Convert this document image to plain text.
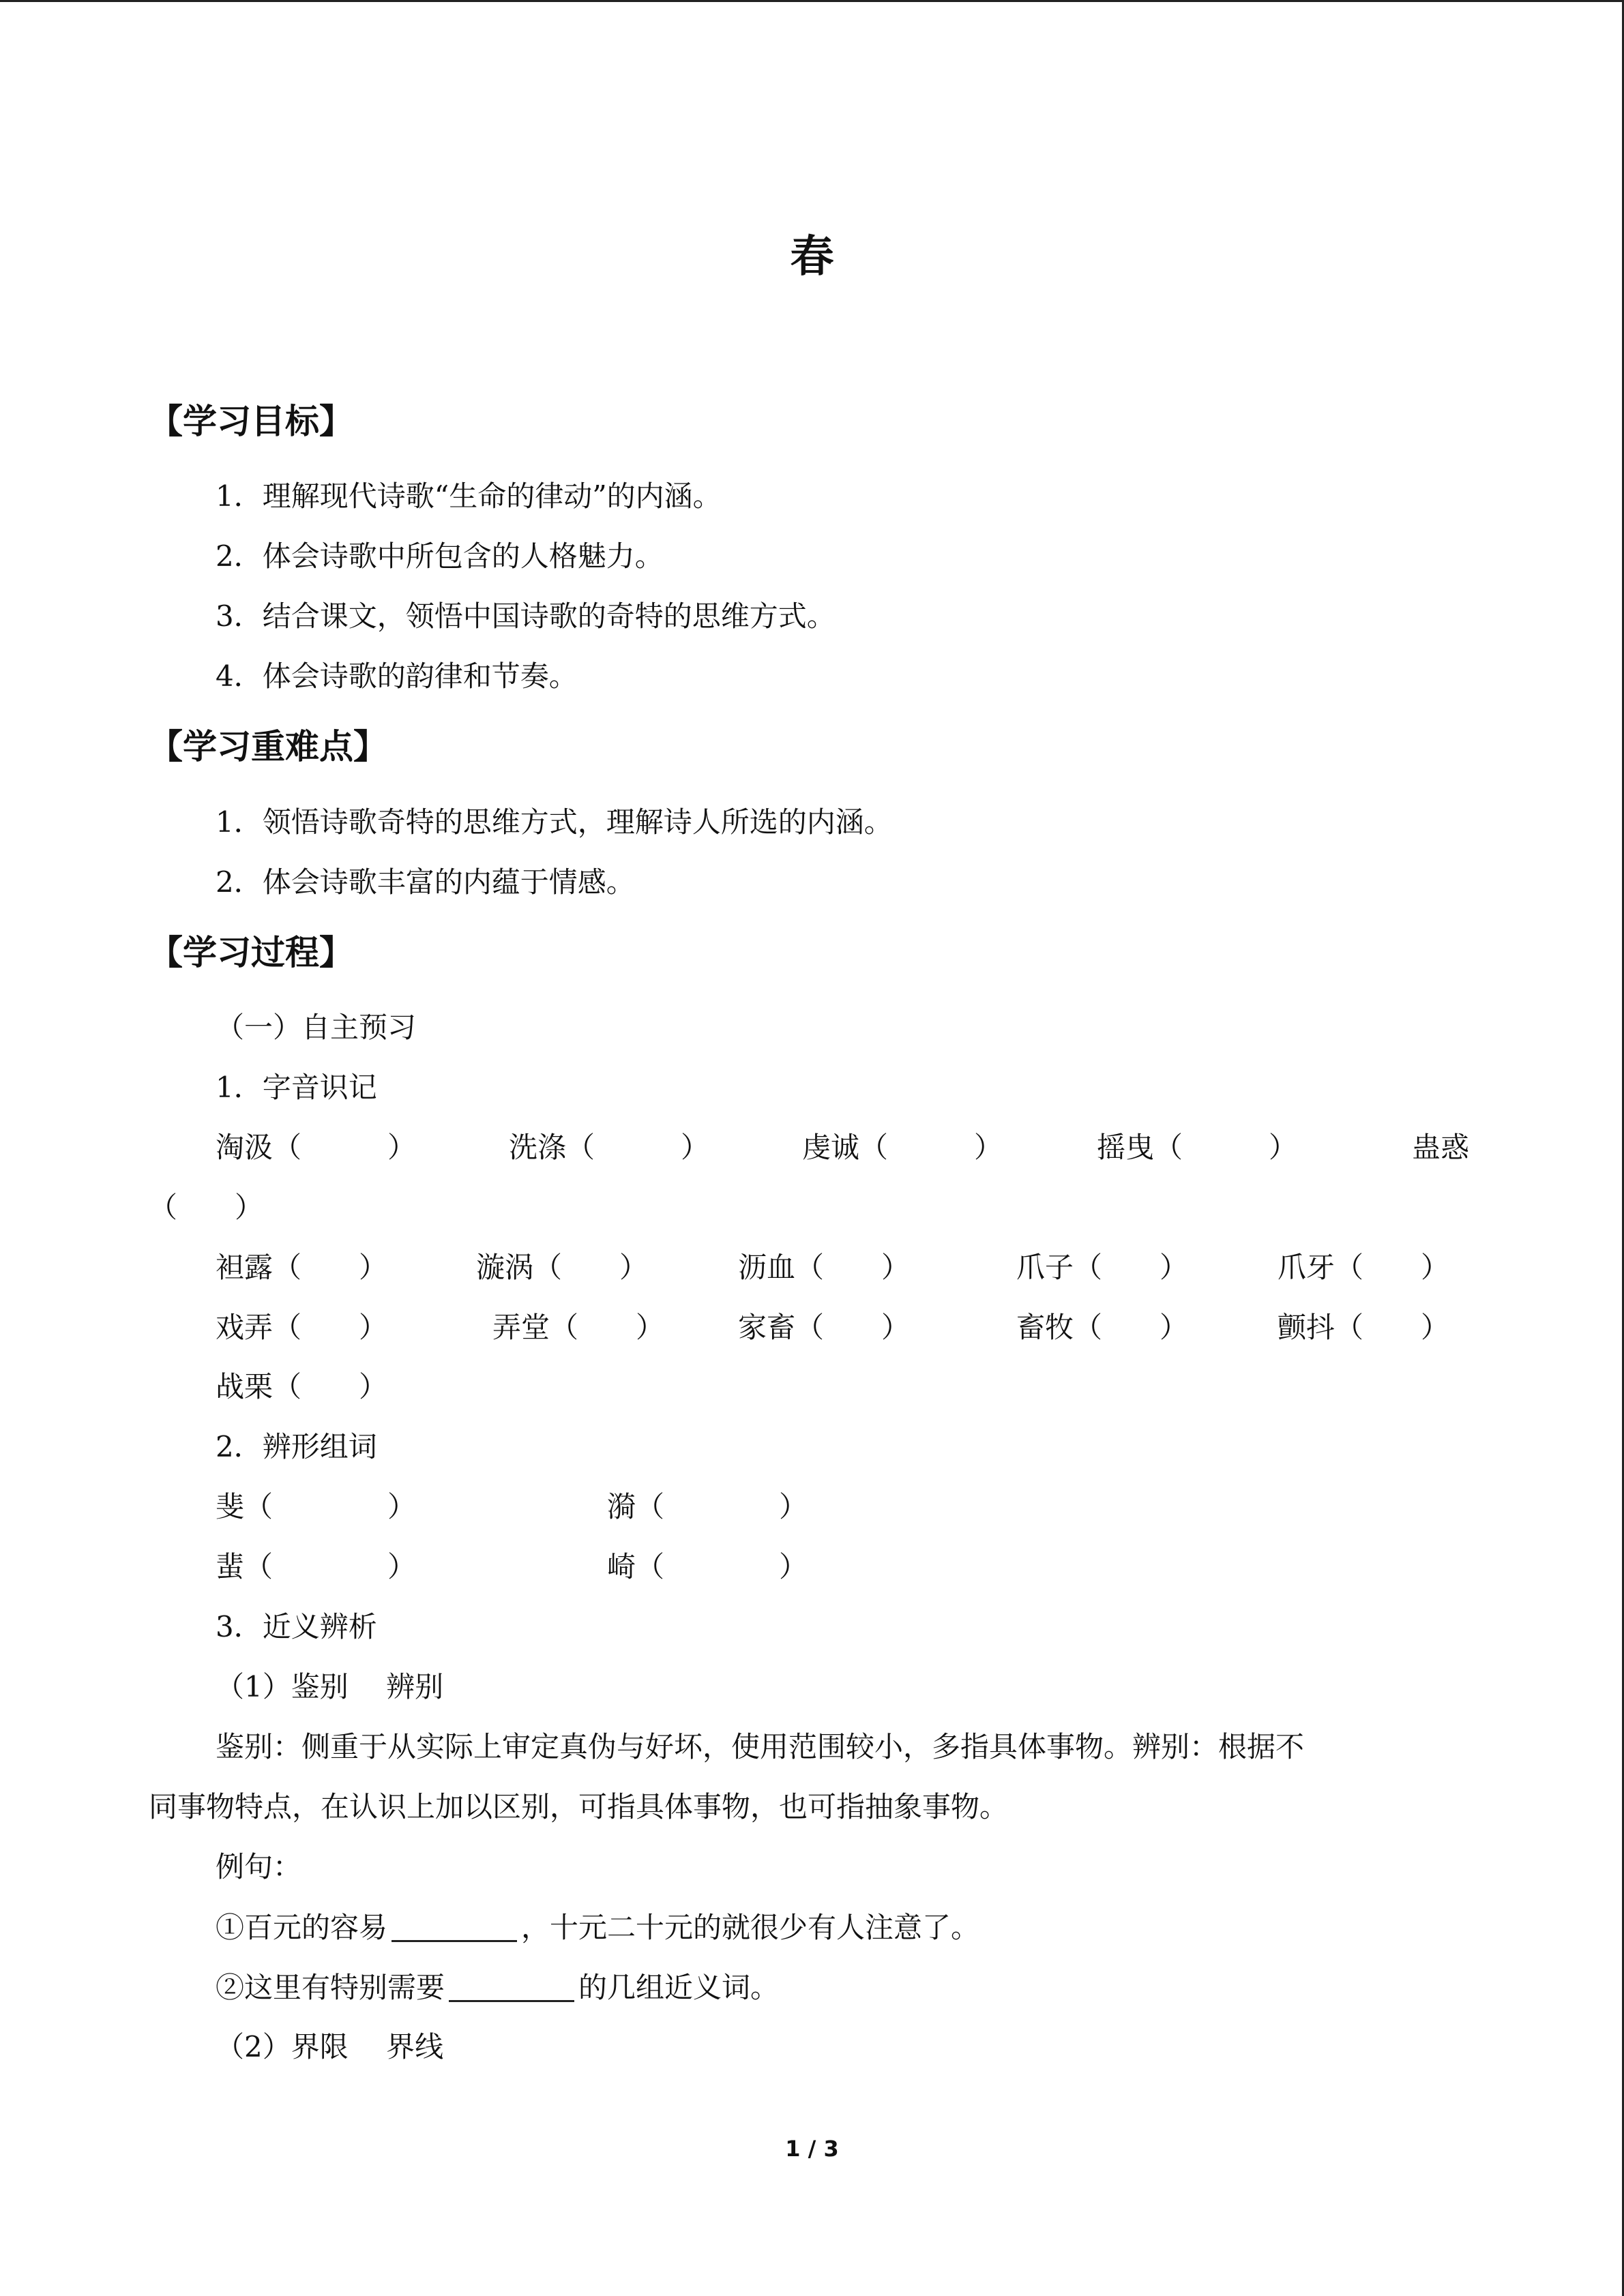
春
【学习目标】
1．理解现代诗歌“生命的律动”的内涵。
2．体会诗歌中所包含的人格魅力。
3．结合课文，领悟中国诗歌的奇特的思维方式。
4．体会诗歌的韵律和节奏。
【学习重难点】
1．领悟诗歌奇特的思维方式，理解诗人所选的内涵。
2．体会诗歌丰富的内蕴于情感。
【学习过程】
（一）自主预习
1．字音识记
淘汲（　　　）	洗涤（　　　）	虔诚（　　　）	摇曳（　　　）	蛊惑
（　　）
袒露（　　）	漩涡（　　）	沥血（　　）	爪子（　　）	爪牙（　　）
戏弄（　　）	弄堂（　　）	家畜（　　）	畜牧（　　）	颤抖（　　）
战栗（　　）
2．辨形组词
斐（　　　　）	漪（　　　　）
蜚（　　　　）	崎（　　　　）
3．近义辨析
（1）鉴别　 辨别
鉴别：侧重于从实际上审定真伪与好坏，使用范围较小，多指具体事物。辨别：根据不
同事物特点，在认识上加以区别，可指具体事物，也可指抽象事物。
例句：
①百元的容易	，十元二十元的就很少有人注意了。
②这里有特别需要	的几组近义词。
（2）界限　 界线
1 / 3
